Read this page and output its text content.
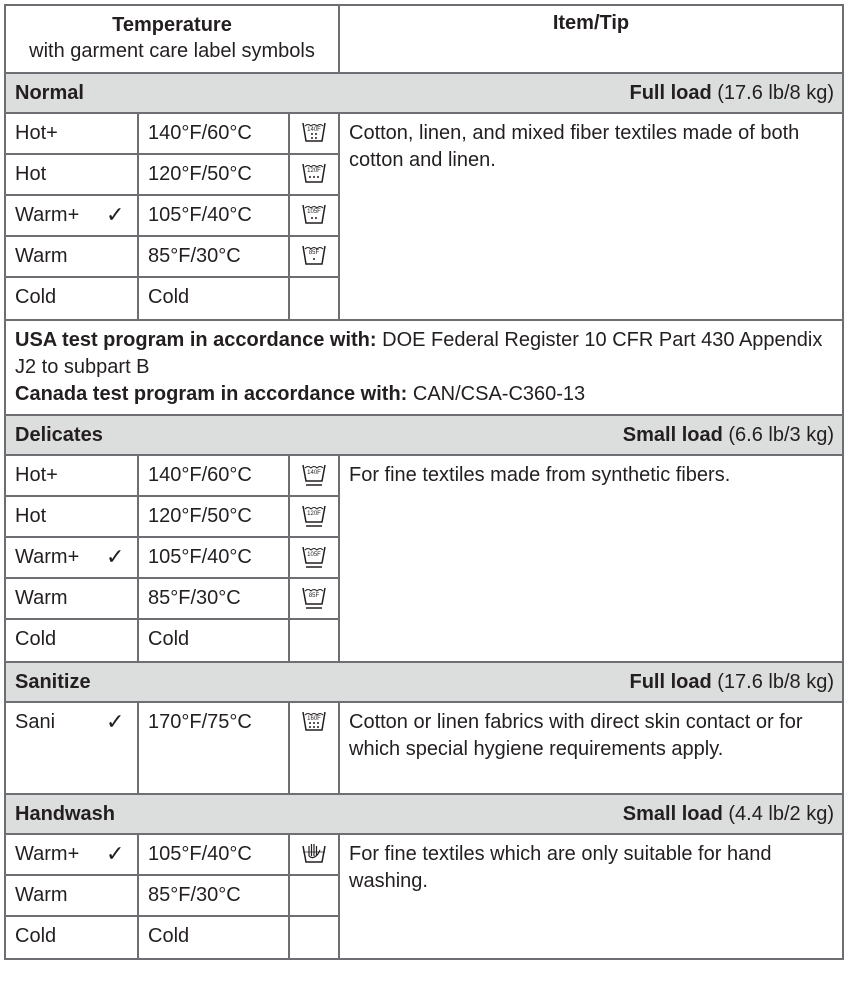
Temperature
with garment care label symbols
Item/Tip
Normal	Full load (17.6 lb/8 kg)
Hot+	140°F/60°C	140F
Hot	120°F/50°C	120F
Warm+ ✓	105°F/40°C	105F
Warm	85°F/30°C	85F
Cold	Cold
Cotton, linen, and mixed fiber textiles made of both cotton and linen.
USA test program in accordance with: DOE Federal Register 10 CFR Part 430 Appendix J2 to subpart B
Canada test program in accordance with: CAN/CSA-C360-13
Delicates	Small load (6.6 lb/3 kg)
Hot+	140°F/60°C	140F
Hot	120°F/50°C	120F
Warm+ ✓	105°F/40°C	105F
Warm	85°F/30°C	85F
Cold	Cold
For fine textiles made from synthetic fibers.
Sanitize	Full load (17.6 lb/8 kg)
Sani ✓	170°F/75°C	160F	Cotton or linen fabrics with direct skin contact or for which special hygiene requirements apply.
Handwash	Small load (4.4 lb/2 kg)
Warm+ ✓	105°F/40°C
Warm	85°F/30°C
Cold	Cold
For fine textiles which are only suitable for hand washing.
